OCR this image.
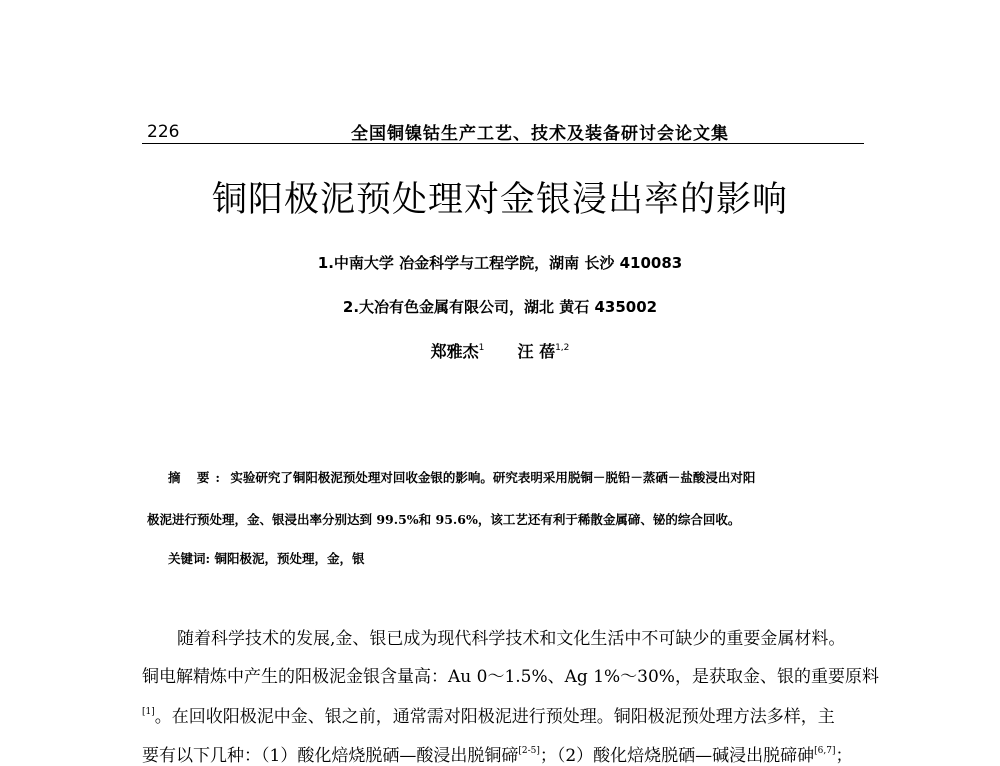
226	全国铜镍钴生产工艺、技术及装备研讨会论文集
铜阳极泥预处理对金银浸出率的影响
1.中南大学 冶金科学与工程学院，湖南 长沙 410083
2.大冶有色金属有限公司，湖北 黄石 435002
郑雅杰$^1$ 汪 蓓$^{1,2}$
摘 要: 实验研究了铜阳极泥预处理对回收金银的影响。研究表明采用脱铜－脱铅－蒸硒－盐酸浸出对阳
极泥进行预处理，金、银浸出率分别达到 99.5%和 95.6%，该工艺还有利于稀散金属碲、铋的综合回收。
关键词: 铜阳极泥，预处理，金，银
随着科学技术的发展,金、银已成为现代科学技术和文化生活中不可缺少的重要金属材料。
铜电解精炼中产生的阳极泥金银含量高：Au 0～1.5%、Ag 1%～30%，是获取金、银的重要原料
[1]。在回收阳极泥中金、银之前，通常需对阳极泥进行预处理。铜阳极泥预处理方法多样，主
要有以下几种：（1）酸化焙烧脱硒—酸浸出脱铜碲[2-5]；（2）酸化焙烧脱硒—碱浸出脱碲砷[6,7]；
